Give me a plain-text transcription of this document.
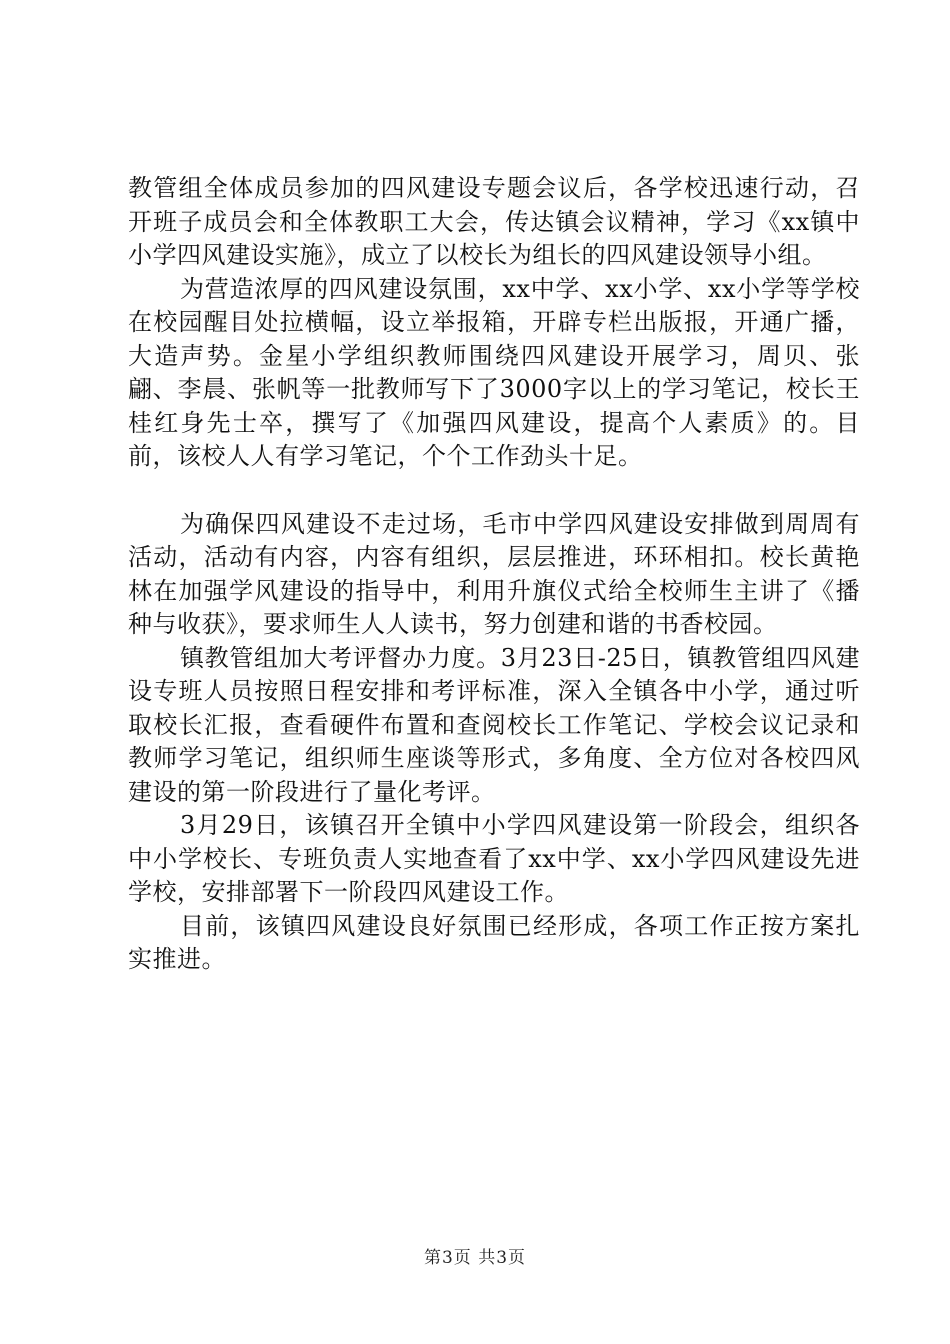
教管组全体成员参加的四风建设专题会议后，各学校迅速行动，召开班子成员会和全体教职工大会，传达镇会议精神，学习《xx镇中小学四风建设实施》，成立了以校长为组长的四风建设领导小组。

为营造浓厚的四风建设氛围，xx中学、xx小学、xx小学等学校在校园醒目处拉横幅，设立举报箱，开辟专栏出版报，开通广播，大造声势。金星小学组织教师围绕四风建设开展学习，周贝、张翩、李晨、张帆等一批教师写下了3000字以上的学习笔记，校长王桂红身先士卒，撰写了《加强四风建设，提高个人素质》的。目前，该校人人有学习笔记，个个工作劲头十足。

为确保四风建设不走过场，毛市中学四风建设安排做到周周有活动，活动有内容，内容有组织，层层推进，环环相扣。校长黄艳林在加强学风建设的指导中，利用升旗仪式给全校师生主讲了《播种与收获》，要求师生人人读书，努力创建和谐的书香校园。

镇教管组加大考评督办力度。3月23日-25日，镇教管组四风建设专班人员按照日程安排和考评标准，深入全镇各中小学，通过听取校长汇报，查看硬件布置和查阅校长工作笔记、学校会议记录和教师学习笔记，组织师生座谈等形式，多角度、全方位对各校四风建设的第一阶段进行了量化考评。

3月29日，该镇召开全镇中小学四风建设第一阶段会，组织各中小学校长、专班负责人实地查看了xx中学、xx小学四风建设先进学校，安排部署下一阶段四风建设工作。

目前，该镇四风建设良好氛围已经形成，各项工作正按方案扎实推进。

第3页 共3页
